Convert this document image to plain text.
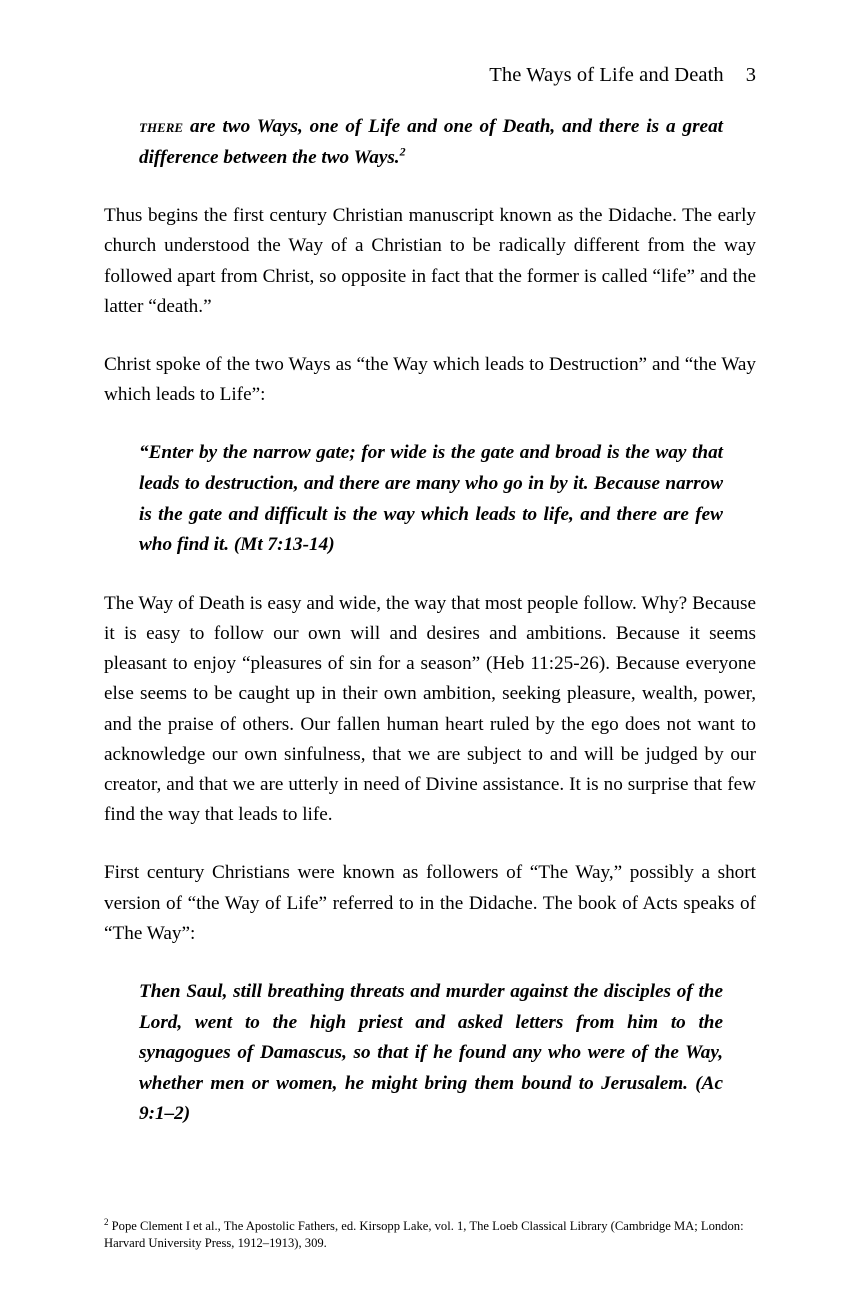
The Ways of Life and Death 3
there are two Ways, one of Life and one of Death, and there is a great difference between the two Ways.$^2$

Thus begins the first century Christian manuscript known as the Didache. The early church understood the Way of a Christian to be radically different from the way followed apart from Christ, so opposite in fact that the former is called “life” and the latter “death.”

Christ spoke of the two Ways as “the Way which leads to Destruction” and “the Way which leads to Life”:

“Enter by the narrow gate; for wide is the gate and broad is the way that leads to destruction, and there are many who go in by it. Because narrow is the gate and difficult is the way which leads to life, and there are few who find it. (Mt 7:13-14)

The Way of Death is easy and wide, the way that most people follow. Why? Because it is easy to follow our own will and desires and ambitions. Because it seems pleasant to enjoy “pleasures of sin for a season” (Heb 11:25-26). Because everyone else seems to be caught up in their own ambition, seeking pleasure, wealth, power, and the praise of others. Our fallen human heart ruled by the ego does not want to acknowledge our own sinfulness, that we are subject to and will be judged by our creator, and that we are utterly in need of Divine assistance. It is no surprise that few find the way that leads to life.

First century Christians were known as followers of “The Way,” possibly a short version of “the Way of Life” referred to in the Didache. The book of Acts speaks of “The Way”:

Then Saul, still breathing threats and murder against the disciples of the Lord, went to the high priest and asked letters from him to the synagogues of Damascus, so that if he found any who were of the Way, whether men or women, he might bring them bound to Jerusalem. (Ac 9:1–2)

$^2$ Pope Clement I et al., The Apostolic Fathers, ed. Kirsopp Lake, vol. 1, The Loeb Classical Library (Cambridge MA; London: Harvard University Press, 1912–1913), 309.
